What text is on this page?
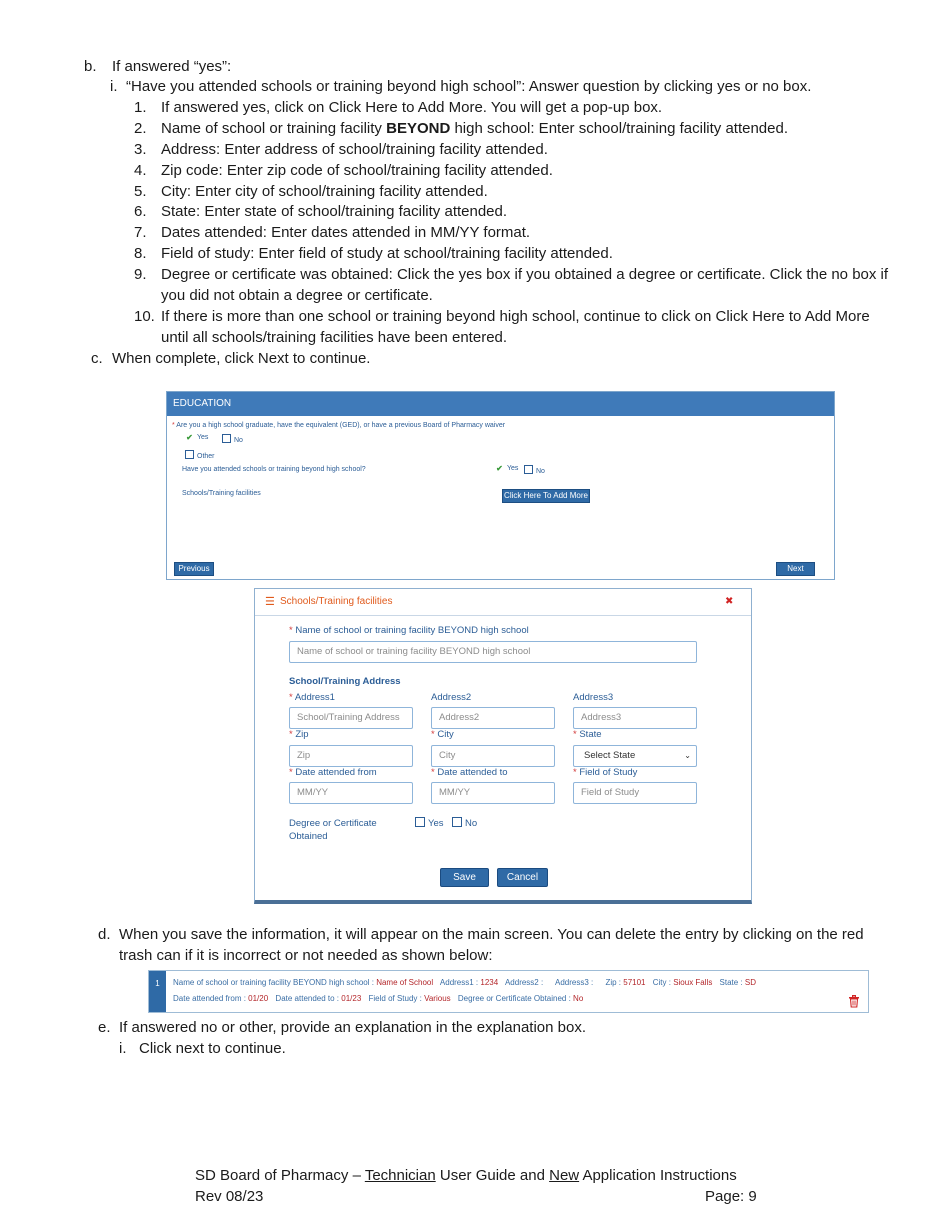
b. If answered “yes”:
i. “Have you attended schools or training beyond high school”: Answer question by clicking yes or no box.
1. If answered yes, click on Click Here to Add More. You will get a pop-up box.
2. Name of school or training facility BEYOND high school: Enter school/training facility attended.
3. Address: Enter address of school/training facility attended.
4. Zip code: Enter zip code of school/training facility attended.
5. City: Enter city of school/training facility attended.
6. State: Enter state of school/training facility attended.
7. Dates attended: Enter dates attended in MM/YY format.
8. Field of study: Enter field of study at school/training facility attended.
9. Degree or certificate was obtained: Click the yes box if you obtained a degree or certificate. Click the no box if you did not obtain a degree or certificate.
10. If there is more than one school or training beyond high school, continue to click on Click Here to Add More until all schools/training facilities have been entered.
c. When complete, click Next to continue.
EDUCATION
* Are you a high school graduate, have the equivalent (GED), or have a previous Board of Pharmacy waiver
✔ Yes	No
Other
Have you attended schools or training beyond high school?	✔ Yes	No
Schools/Training facilities	Click Here To Add More
Previous	Next
☰ Schools/Training facilities	✖
* Name of school or training facility BEYOND high school
Name of school or training facility BEYOND high school
School/Training Address
* Address1	Address2	Address3
School/Training Address	Address2	Address3
* Zip	* City	* State
Zip	City	Select State	⌄
* Date attended from	* Date attended to	* Field of Study
MM/YY	MM/YY	Field of Study
Degree or Certificate
Obtained
Yes	No
Save	Cancel
d. When you save the information, it will appear on the main screen. You can delete the entry by clicking on the red trash can if it is incorrect or not needed as shown below:
1	Name of school or training facility BEYOND high school : Name of School Address1 : 1234 Address2 : Address3 : Zip : 57101 City : Sioux Falls State : SD
Date attended from : 01/20 Date attended to : 01/23 Field of Study : Various Degree or Certificate Obtained : No
e. If answered no or other, provide an explanation in the explanation box.
i. Click next to continue.
SD Board of Pharmacy – Technician User Guide and New Application Instructions
Rev 08/23	Page: 9
